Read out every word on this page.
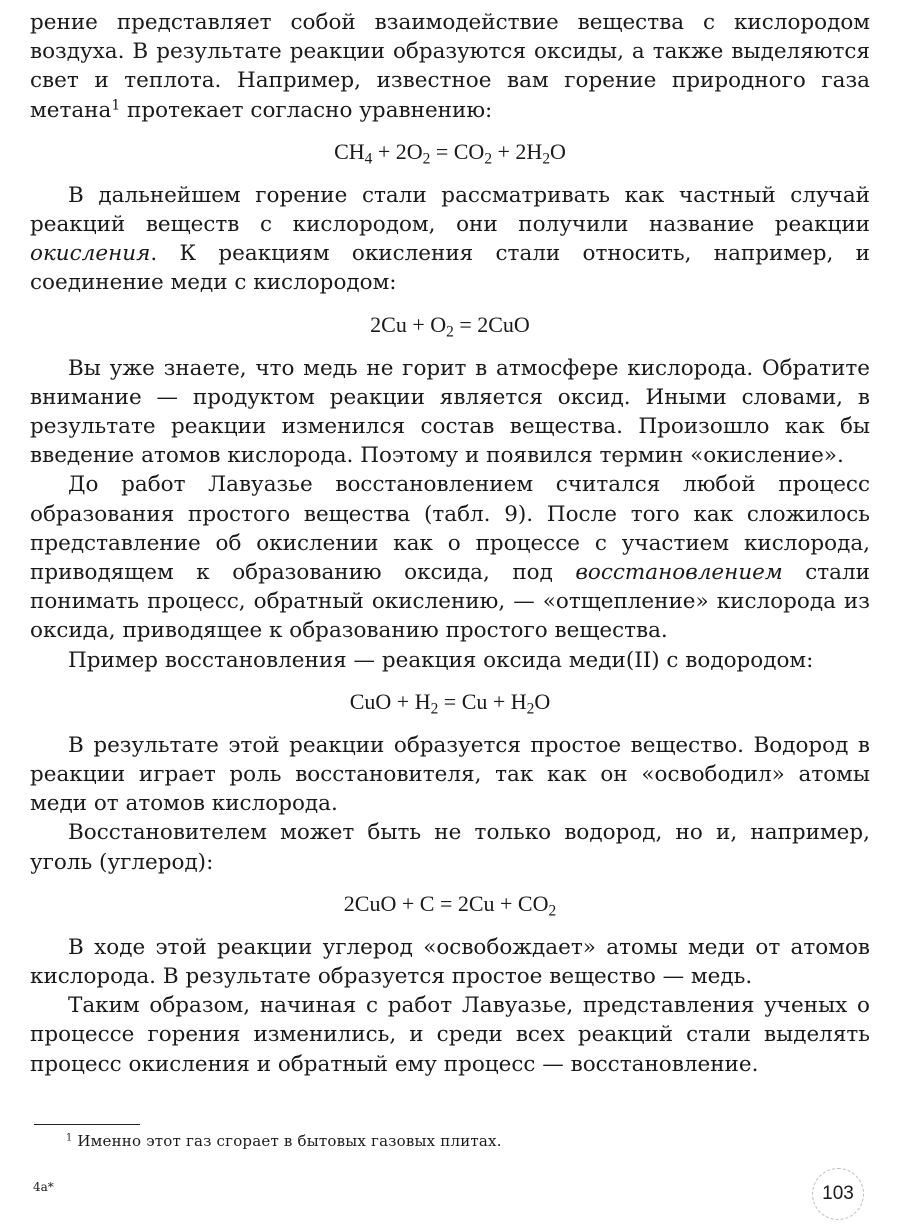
рение представляет собой взаимодействие вещества с кислородом воздуха. В результате реакции образуются оксиды, а также выделяются свет и теплота. Например, известное вам горение природного газа метана$^1$ протекает согласно уравнению:

$CH_4 + 2O_2 = CO_2 + 2H_2O$

В дальнейшем горение стали рассматривать как частный случай реакций веществ с кислородом, они получили название реакции окисления. К реакциям окисления стали относить, например, и соединение меди с кислородом:

$2Cu + O_2 = 2CuO$

Вы уже знаете, что медь не горит в атмосфере кислорода. Обратите внимание — продуктом реакции является оксид. Иными словами, в результате реакции изменился состав вещества. Произошло как бы введение атомов кислорода. Поэтому и появился термин «окисление».

До работ Лавуазье восстановлением считался любой процесс образования простого вещества (табл. 9). После того как сложилось представление об окислении как о процессе с участием кислорода, приводящем к образованию оксида, под восстановлением стали понимать процесс, обратный окислению, — «отщепление» кислорода из оксида, приводящее к образованию простого вещества.

Пример восстановления — реакция оксида меди(II) с водородом:

CuO + $H_2 = Cu + H_2O$

В результате этой реакции образуется простое вещество. Водород в реакции играет роль восстановителя, так как он «освободил» атомы меди от атомов кислорода.

Восстановителем может быть не только водород, но и, например, уголь (углерод):

$2CuO + C = 2Cu + CO_2$

В ходе этой реакции углерод «освобождает» атомы меди от атомов кислорода. В результате образуется простое вещество — медь.

Таким образом, начиная с работ Лавуазье, представления ученых о процессе горения изменились, и среди всех реакций стали выделять процесс окисления и обратный ему процесс — восстановление.

$^1$ Именно этот газ сгорает в бытовых газовых плитах.
4а*	103
